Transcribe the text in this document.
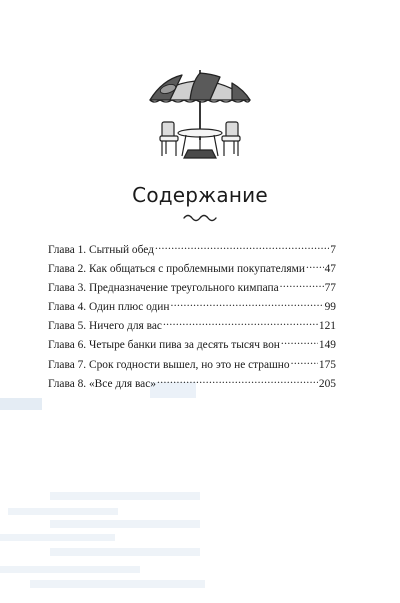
Содержание
Глава 1. Сытный обед .....	7
Глава 2. Как общаться с проблемными покупателями ..... 47
Глава 3. Предназначение треугольного кимпапа .....	77
Глава 4. Один плюс один .....	99
Глава 5. Ничего для вас .....	121
Глава 6. Четыре банки пива за десять тысяч вон .....	149
Глава 7. Срок годности вышел, но это не страшно .....	175
Глава 8. «Все для вас» .....	205
